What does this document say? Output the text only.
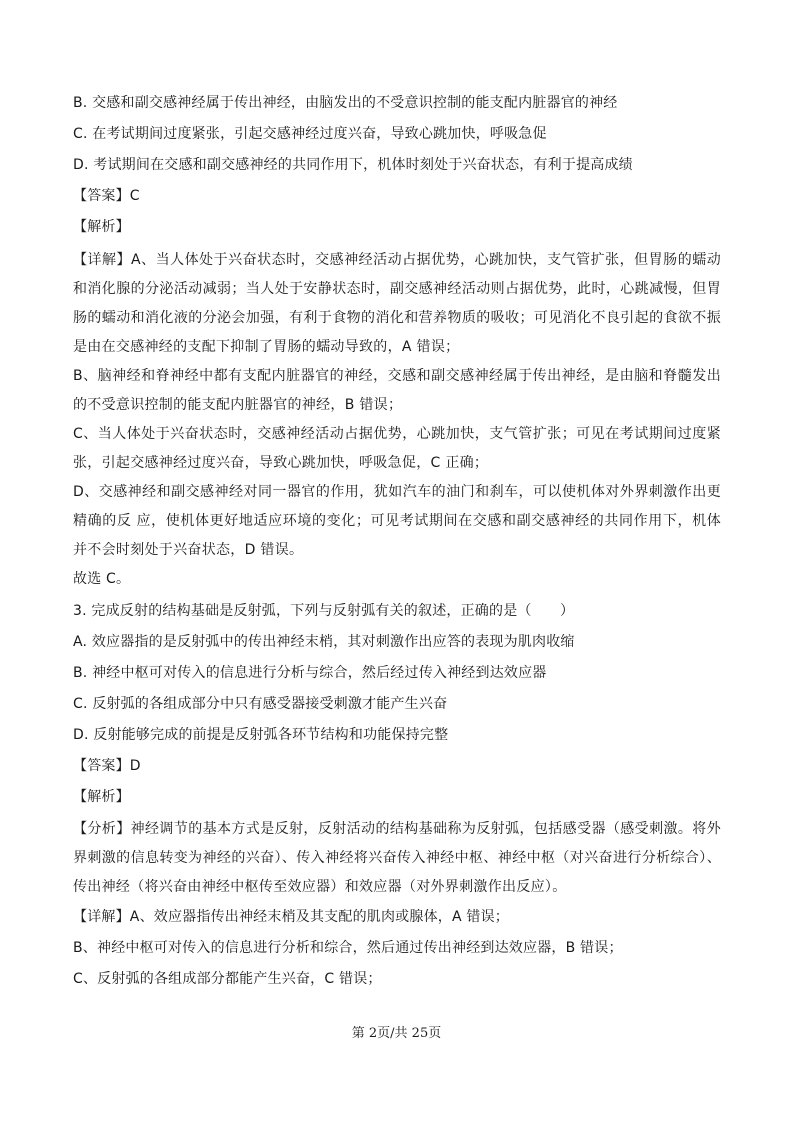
B. 交感和副交感神经属于传出神经，由脑发出的不受意识控制的能支配内脏器官的神经
C. 在考试期间过度紧张，引起交感神经过度兴奋，导致心跳加快，呼吸急促
D. 考试期间在交感和副交感神经的共同作用下，机体时刻处于兴奋状态，有利于提高成绩
【答案】C
【解析】
【详解】A、当人体处于兴奋状态时，交感神经活动占据优势，心跳加快，支气管扩张，但胃肠的蠕动和消化腺的分泌活动减弱；当人处于安静状态时，副交感神经活动则占据优势，此时，心跳减慢，但胃肠的蠕动和消化液的分泌会加强，有利于食物的消化和营养物质的吸收；可见消化不良引起的食欲不振是由在交感神经的支配下抑制了胃肠的蠕动导致的，A 错误；
B、脑神经和脊神经中都有支配内脏器官的神经，交感和副交感神经属于传出神经，是由脑和脊髓发出的不受意识控制的能支配内脏器官的神经，B 错误；
C、当人体处于兴奋状态时，交感神经活动占据优势，心跳加快，支气管扩张；可见在考试期间过度紧张，引起交感神经过度兴奋，导致心跳加快，呼吸急促，C 正确；
D、交感神经和副交感神经对同一器官的作用，犹如汽车的油门和刹车，可以使机体对外界刺激作出更精确的反 应，使机体更好地适应环境的变化；可见考试期间在交感和副交感神经的共同作用下，机体并不会时刻处于兴奋状态，D 错误。
故选 C。
3. 完成反射的结构基础是反射弧，下列与反射弧有关的叙述，正确的是（　　）
A. 效应器指的是反射弧中的传出神经末梢，其对刺激作出应答的表现为肌肉收缩
B. 神经中枢可对传入的信息进行分析与综合，然后经过传入神经到达效应器
C. 反射弧的各组成部分中只有感受器接受刺激才能产生兴奋
D. 反射能够完成的前提是反射弧各环节结构和功能保持完整
【答案】D
【解析】
【分析】神经调节的基本方式是反射，反射活动的结构基础称为反射弧，包括感受器（感受刺激。将外界刺激的信息转变为神经的兴奋）、传入神经将兴奋传入神经中枢、神经中枢（对兴奋进行分析综合）、传出神经（将兴奋由神经中枢传至效应器）和效应器（对外界刺激作出反应）。
【详解】A、效应器指传出神经末梢及其支配的肌肉或腺体，A 错误；
B、神经中枢可对传入的信息进行分析和综合，然后通过传出神经到达效应器，B 错误；
C、反射弧的各组成部分都能产生兴奋，C 错误；
第 2页/共 25页
